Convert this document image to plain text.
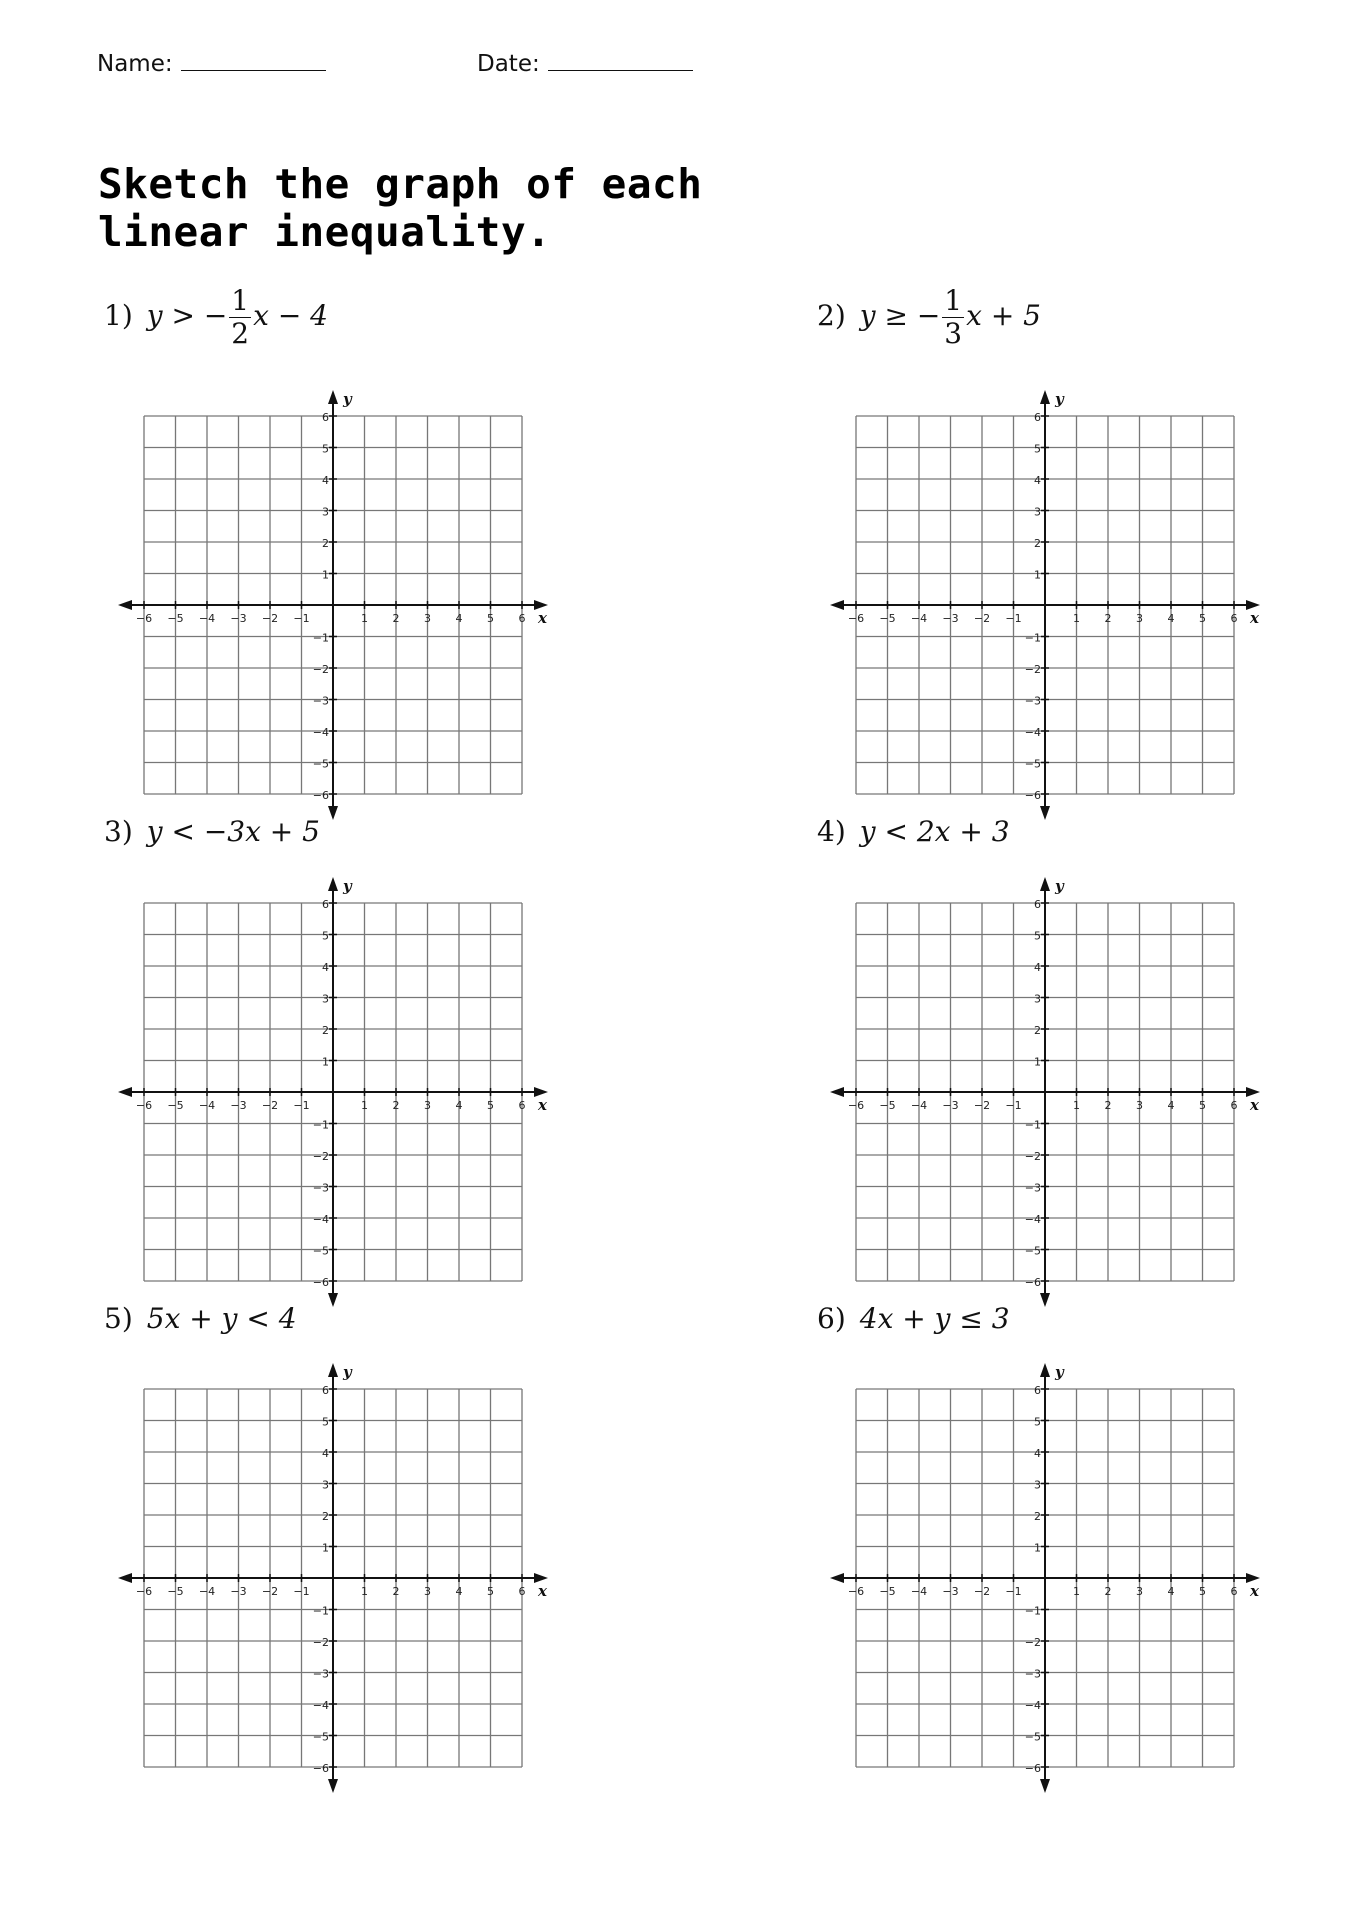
Name:	Date:
Sketch the graph of each
linear inequality.
1) y > − $\frac{1}{2}$ x − 4	2) y ≥ − $\frac{1}{3}$ x + 5
3) y < −3x + 5	4) y < 2x + 3
5) 5x + y < 4	6) 4x + y ≤ 3
−6 −5 −4 −3 −2 −1	1 2 3 4 5 6
6
5
4
3
2
1
−1
−2
−3
−4
−5
−6
x
y
−6 −5 −4 −3 −2 −1	1 2 3 4 5 6
6
5
4
3
2
1
−1
−2
−3
−4
−5
−6
x
y
−6 −5 −4 −3 −2 −1	1 2 3 4 5 6
6
5
4
3
2
1
−1
−2
−3
−4
−5
−6
x
y
−6 −5 −4 −3 −2 −1	1 2 3 4 5 6
6
5
4
3
2
1
−1
−2
−3
−4
−5
−6
x
y
−6 −5 −4 −3 −2 −1	1 2 3 4 5 6
6
5
4
3
2
1
−1
−2
−3
−4
−5
−6
x
y
−6 −5 −4 −3 −2 −1	1 2 3 4 5 6
6
5
4
3
2
1
−1
−2
−3
−4
−5
−6
x
y
